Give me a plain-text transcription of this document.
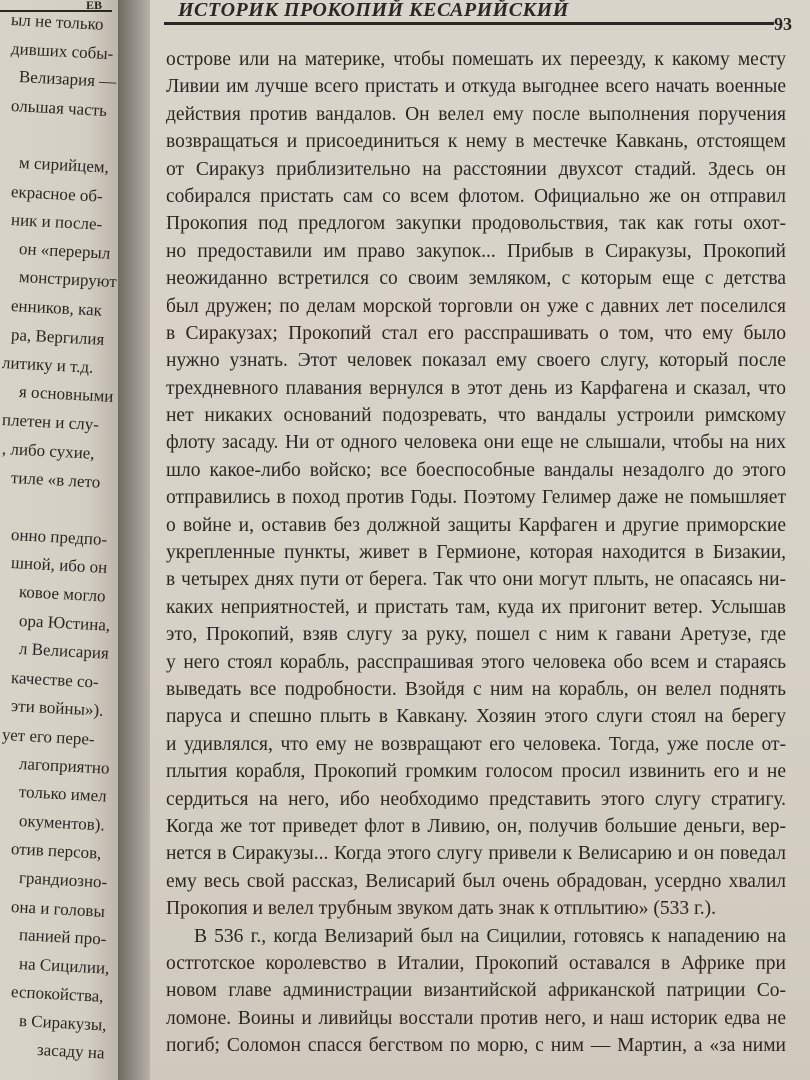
ЕВ
ыл не только
дивших собы-
Велизария —
ольшая часть
м сирийцем,
екрасное об-
ник и после-
он «перерыл
монстрируют
енников, как
ра, Вергилия
литику и т.д.
я основными
плетен и слу-
, либо сухие,
тиле «в лето
онно предпо-
шной, ибо он
ковое могло
ора Юстина,
л Велисария
качестве со-
эти войны»).
ует его пере-
лагоприятно
только имел
окументов).
отив персов,
грандиозно-
она и головы
панией про-
на Сицилии,
еспокойства,
в Сиракузы,
засаду на
ИСТОРИК ПРОКОПИЙ КЕСАРИЙСКИЙ
93
острове или на материке, чтобы помешать их переезду, к какому месту
Ливии им лучше всего пристать и откуда выгоднее всего начать военные
действия против вандалов. Он велел ему после выполнения поручения
возвращаться и присоединиться к нему в местечке Кавкань, отстоящем
от Сиракуз приблизительно на расстоянии двухсот стадий. Здесь он
собирался пристать сам со всем флотом. Официально же он отправил
Прокопия под предлогом закупки продовольствия, так как готы охот-
но предоставили им право закупок... Прибыв в Сиракузы, Прокопий
неожиданно встретился со своим земляком, с которым еще с детства
был дружен; по делам морской торговли он уже с давних лет поселился
в Сиракузах; Прокопий стал его расспрашивать о том, что ему было
нужно узнать. Этот человек показал ему своего слугу, который после
трехдневного плавания вернулся в этот день из Карфагена и сказал, что
нет никаких оснований подозревать, что вандалы устроили римскому
флоту засаду. Ни от одного человека они еще не слышали, чтобы на них
шло какое-либо войско; все боеспособные вандалы незадолго до этого
отправились в поход против Годы. Поэтому Гелимер даже не помышляет
о войне и, оставив без должной защиты Карфаген и другие приморские
укрепленные пункты, живет в Гермионе, которая находится в Бизакии,
в четырех днях пути от берега. Так что они могут плыть, не опасаясь ни-
каких неприятностей, и пристать там, куда их пригонит ветер. Услышав
это, Прокопий, взяв слугу за руку, пошел с ним к гавани Аретузе, где
у него стоял корабль, расспрашивая этого человека обо всем и стараясь
выведать все подробности. Взойдя с ним на корабль, он велел поднять
паруса и спешно плыть в Кавкану. Хозяин этого слуги стоял на берегу
и удивлялся, что ему не возвращают его человека. Тогда, уже после от-
плытия корабля, Прокопий громким голосом просил извинить его и не
сердиться на него, ибо необходимо представить этого слугу стратигу.
Когда же тот приведет флот в Ливию, он, получив большие деньги, вер-
нется в Сиракузы... Когда этого слугу привели к Велисарию и он поведал
ему весь свой рассказ, Велисарий был очень обрадован, усердно хвалил
Прокопия и велел трубным звуком дать знак к отплытию» (533 г.).
В 536 г., когда Велизарий был на Сицилии, готовясь к нападению на
остготское королевство в Италии, Прокопий оставался в Африке при
новом главе администрации византийской африканской патриции Со-
ломоне. Воины и ливийцы восстали против него, и наш историк едва не
погиб; Соломон спасся бегством по морю, с ним — Мартин, а «за ними
